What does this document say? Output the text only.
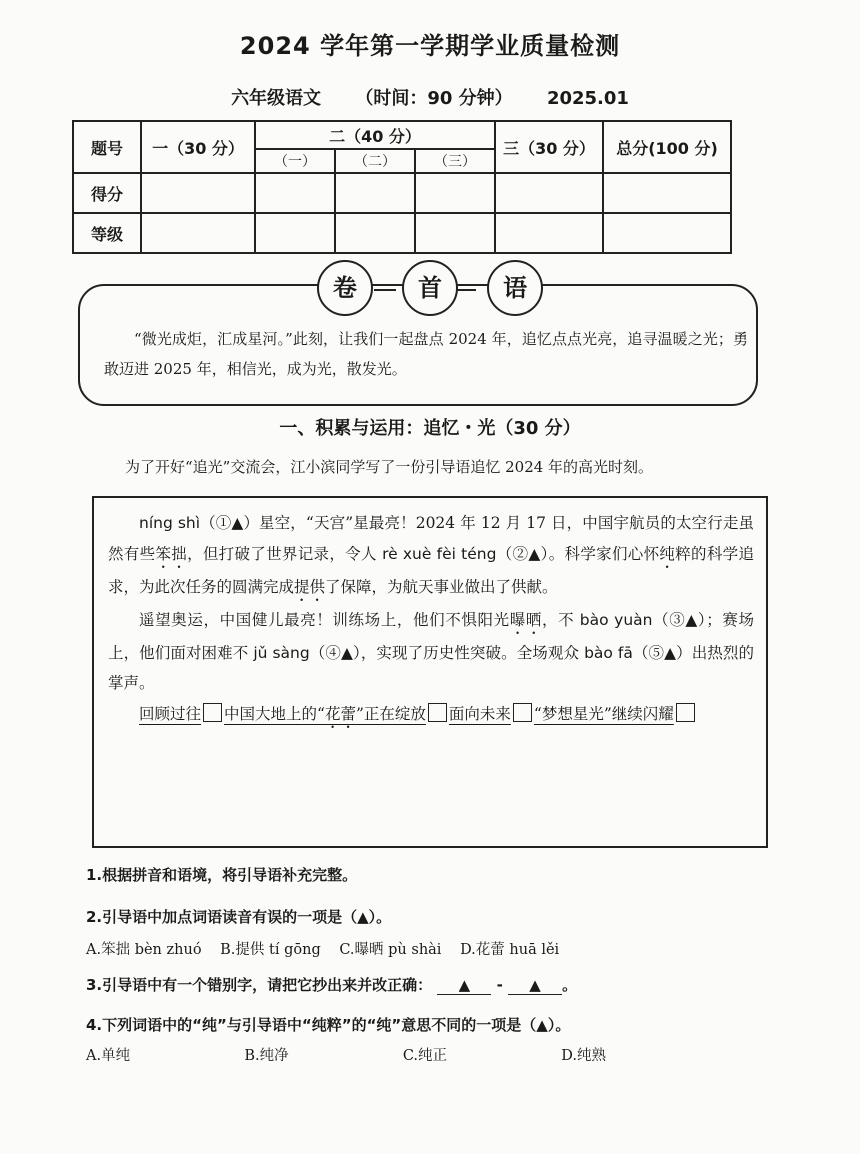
2024 学年第一学期学业质量检测
六年级语文 （时间：90 分钟） 2025.01
题号	一（30 分）	二（40 分）			三（30 分）	总分(100 分)
		（一）	（二）	（三）		
得分						
等级						
卷	首	语
“微光成炬，汇成星河。”此刻，让我们一起盘点 2024 年，追忆点点光亮，追寻温暖之光；勇敢迈进 2025 年，相信光，成为光，散发光。
一、积累与运用：追忆・光（30 分）
为了开好“追光”交流会，江小滨同学写了一份引导语追忆 2024 年的高光时刻。

níng shì（①▲）星空，“天宫”星最亮！2024 年 12 月 17 日，中国宇航员的太空行走虽然有些笨拙，但打破了世界记录，令人 rè xuè fèi téng（②▲）。科学家们心怀纯粹的科学追求，为此次任务的圆满完成提供了保障，为航天事业做出了供献。

遥望奥运，中国健儿最亮！训练场上，他们不惧阳光曝晒，不 bào yuàn（③▲）；赛场上，他们面对困难不 jǔ sàng（④▲），实现了历史性突破。全场观众 bào fā（⑤▲）出热烈的掌声。

回顾过往 中国大地上的“花蕾”正在绽放 面向未来 “梦想星光”继续闪耀

1.根据拼音和语境，将引导语补充完整。
2.引导语中加点词语读音有误的一项是（▲）。
A.笨拙 bèn zhuó B.提供 tí gōng C.曝晒 pù shài D.花蕾 huā lěi
3.引导语中有一个错别字，请把它抄出来并改正确： ▲ - ▲ 。
4.下列词语中的“纯”与引导语中“纯粹”的“纯”意思不同的一项是（▲）。
A.单纯	B.纯净	C.纯正	D.纯熟
